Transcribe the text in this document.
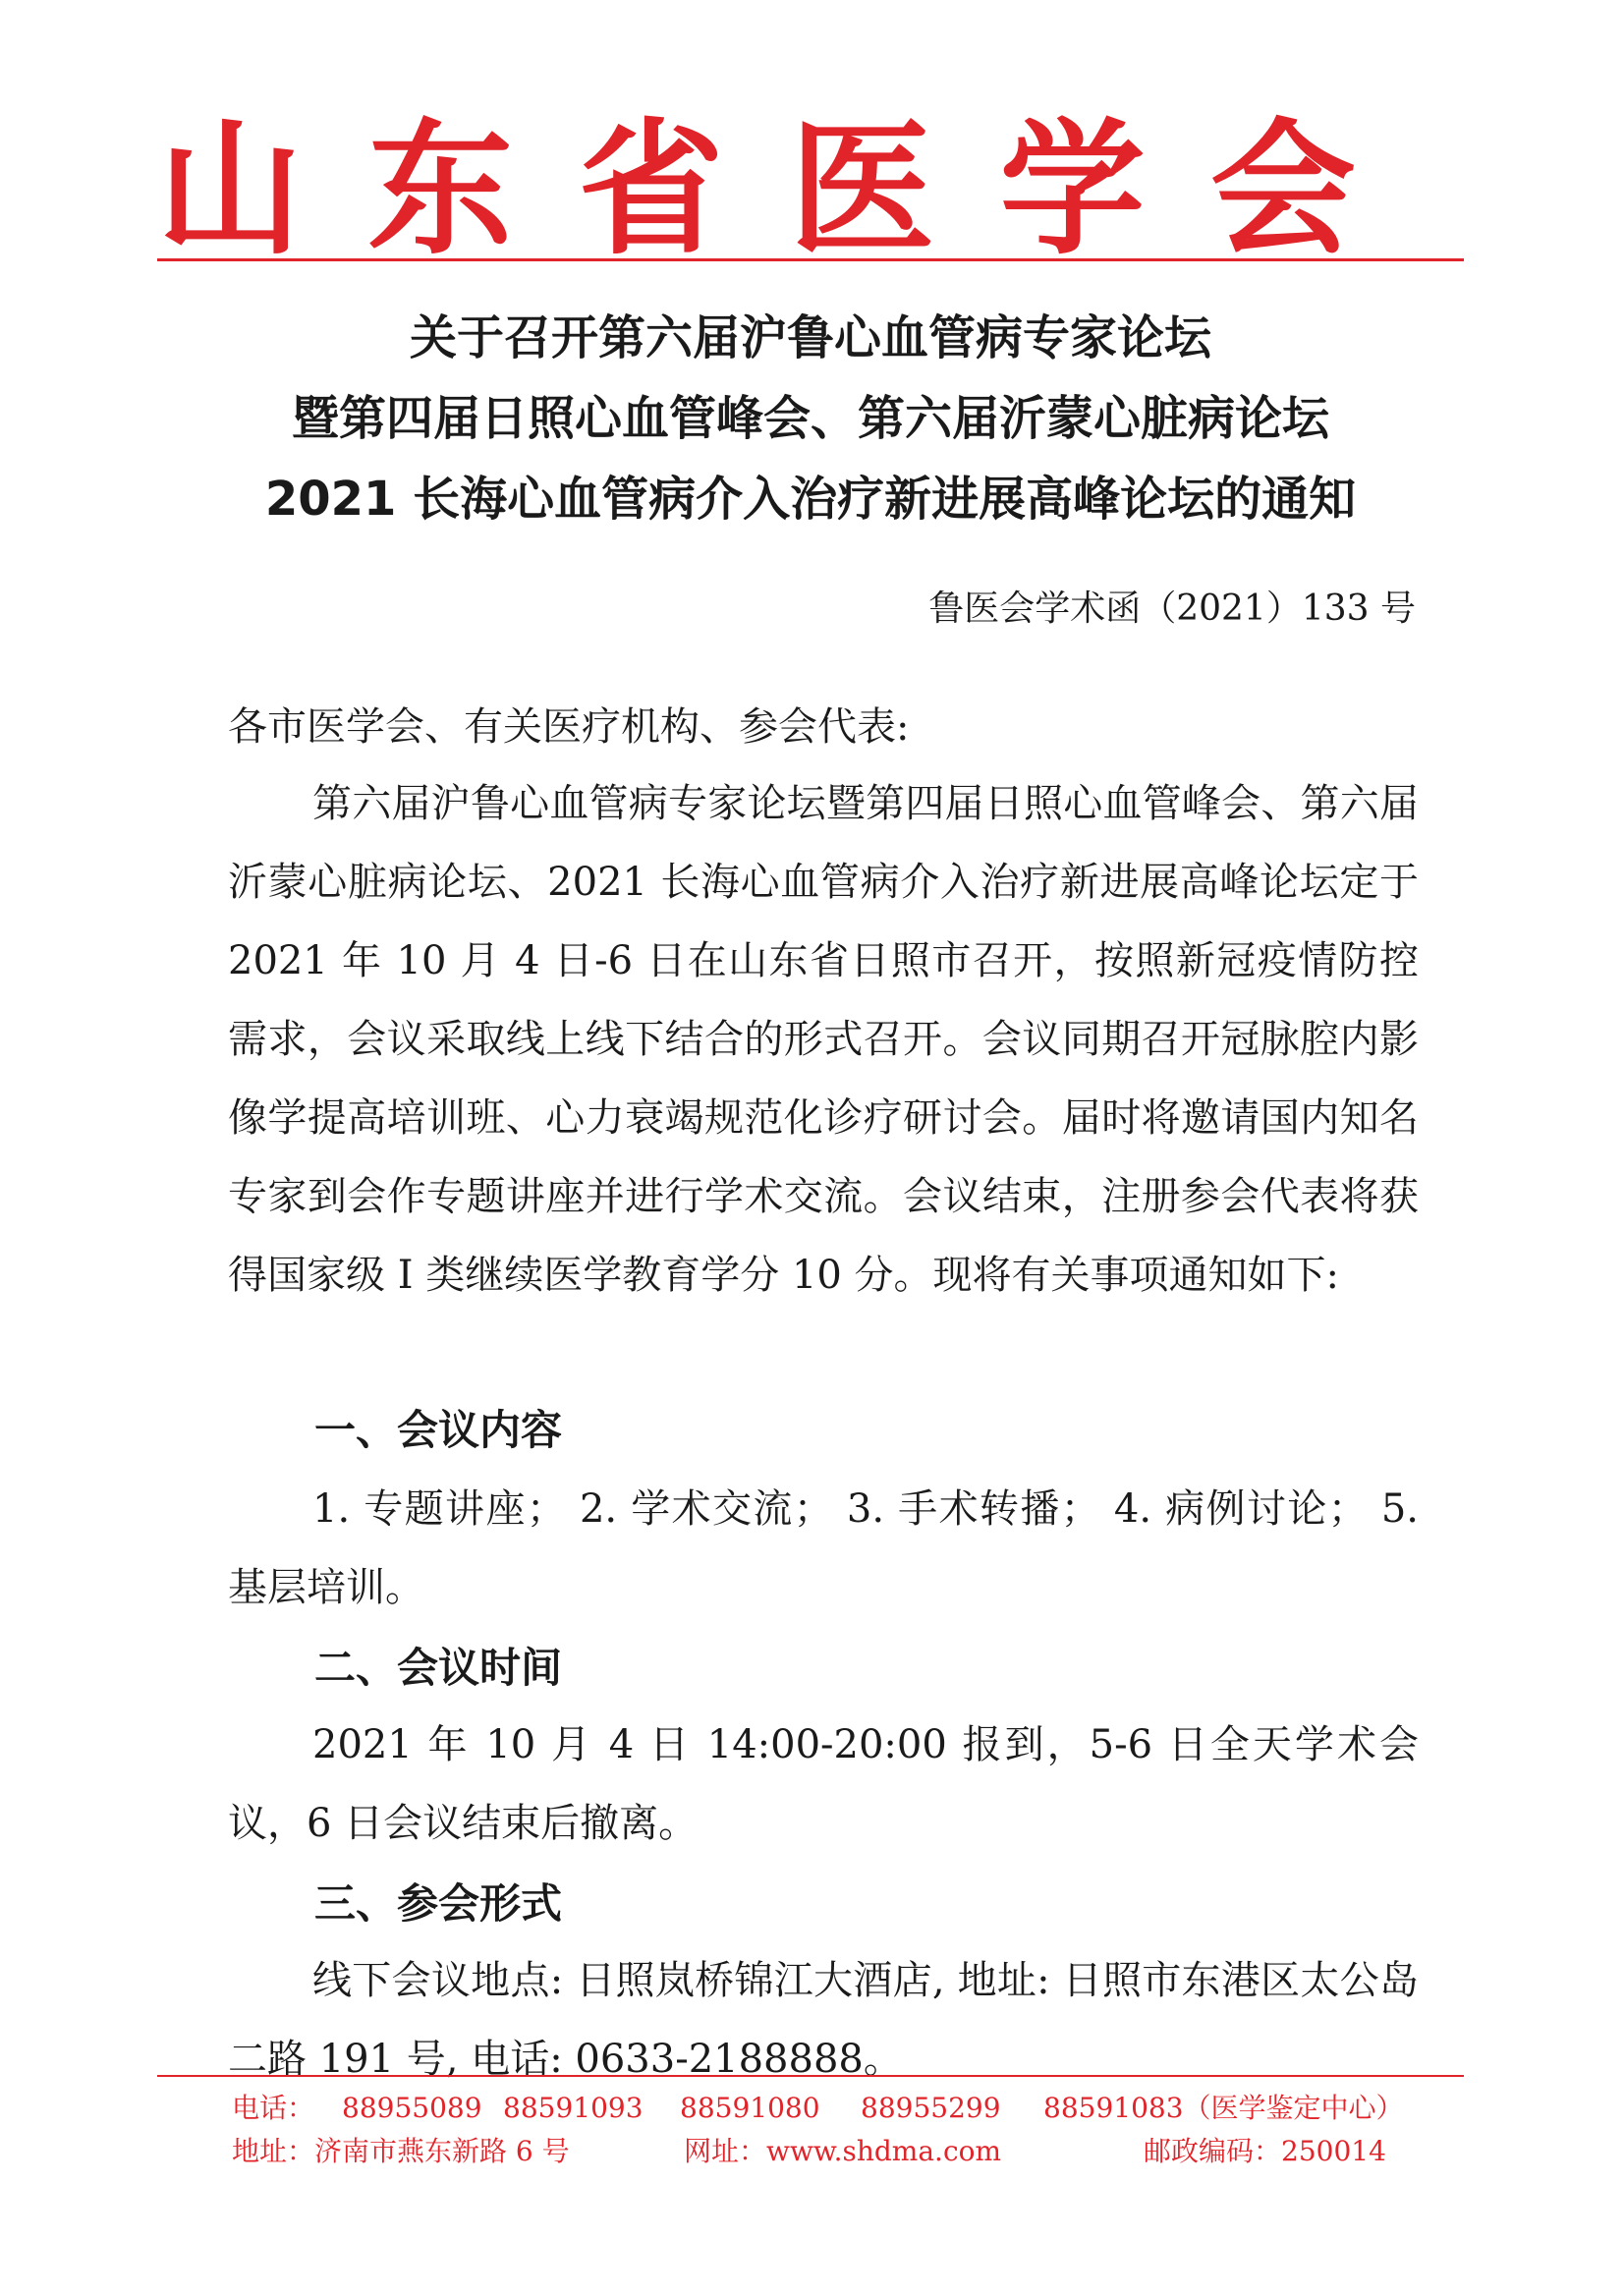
山 东 省 医 学 会
关于召开第六届沪鲁心血管病专家论坛
暨第四届日照心血管峰会、第六届沂蒙心脏病论坛
2021 长海心血管病介入治疗新进展高峰论坛的通知
鲁医会学术函（2021）133 号
各市医学会、有关医疗机构、参会代表:
第六届沪鲁心血管病专家论坛暨第四届日照心血管峰会、第六届沂蒙心脏病论坛、2021 长海心血管病介入治疗新进展高峰论坛定于 2021 年 10 月 4 日-6 日在山东省日照市召开，按照新冠疫情防控需求，会议采取线上线下结合的形式召开。会议同期召开冠脉腔内影像学提高培训班、心力衰竭规范化诊疗研讨会。届时将邀请国内知名专家到会作专题讲座并进行学术交流。会议结束，注册参会代表将获得国家级 I 类继续医学教育学分 10 分。现将有关事项通知如下:
一、会议内容
1. 专题讲座； 2. 学术交流； 3. 手术转播； 4. 病例讨论； 5. 基层培训。
二、会议时间
2021 年 10 月 4 日 14:00-20:00 报到，5-6 日全天学术会议，6 日会议结束后撤离。
三、参会形式
线下会议地点: 日照岚桥锦江大酒店, 地址: 日照市东港区太公岛二路 191 号, 电话: 0633-2188888。
电话： 88955089 88591093 88591080 88955299 88591083（医学鉴定中心）
地址：济南市燕东新路 6 号	网址：www.shdma.com	邮政编码：250014
